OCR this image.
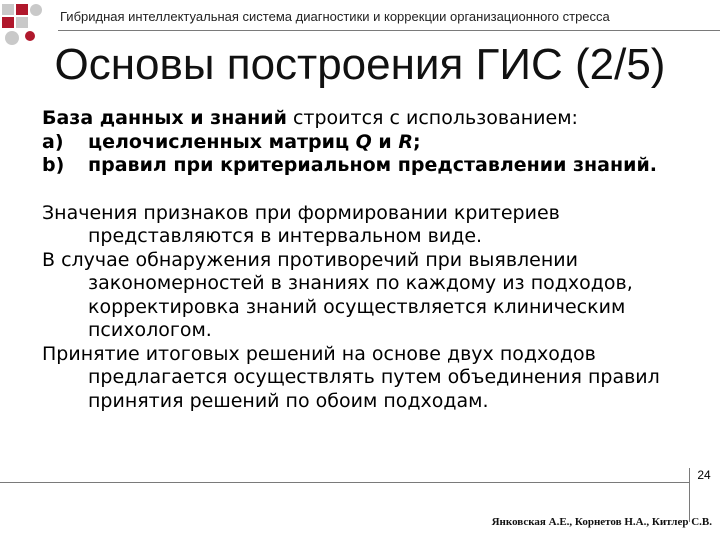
Гибридная интеллектуальная система диагностики и коррекции организационного стресса
Основы построения ГИС (2/5)

База данных и знаний строится с использованием:

a)	целочисленных матриц Q и R;
b)	правил при критериальном представлении знаний.

Значения признаков при формировании критериев представляются в интервальном виде.

В случае обнаружения противоречий при выявлении закономерностей в знаниях по каждому из подходов, корректировка знаний осуществляется клиническим психологом.

Принятие итоговых решений на основе двух подходов предлагается осуществлять путем объединения правил принятия решений по обоим подходам.

24
Янковская А.Е., Корнетов Н.А., Китлер С.В.
